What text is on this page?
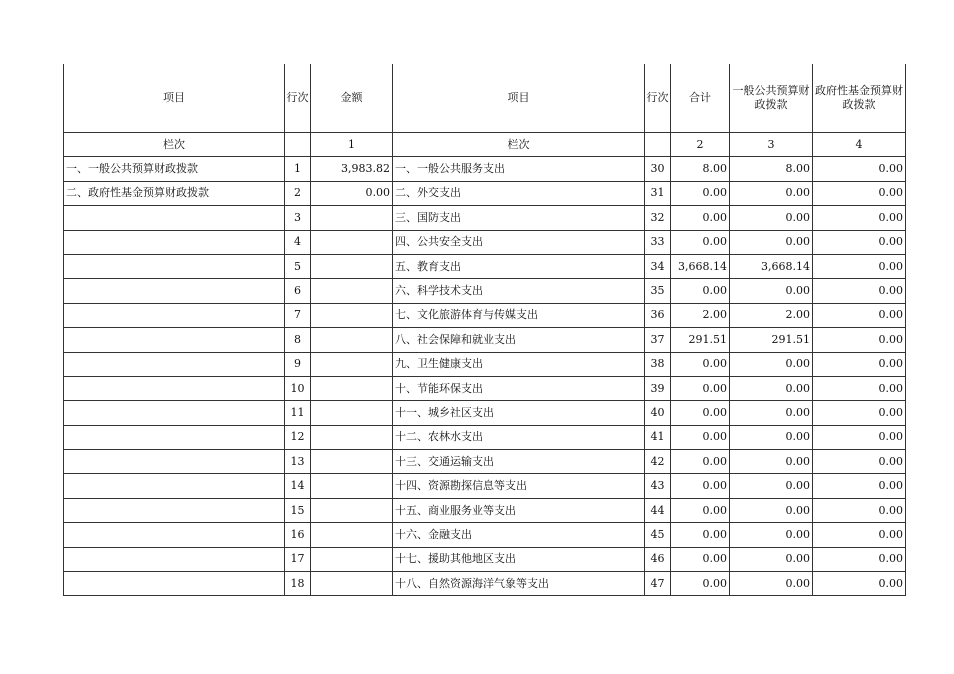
项目	行次	金额	项目	行次	合计	一般公共预算财政拨款	政府性基金预算财政拨款
栏次		1	栏次		2	3	4
一、一般公共预算财政拨款	1	3,983.82	一、一般公共服务支出	30	8.00	8.00	0.00
二、政府性基金预算财政拨款	2	0.00	二、外交支出	31	0.00	0.00	0.00
	3		三、国防支出	32	0.00	0.00	0.00
	4		四、公共安全支出	33	0.00	0.00	0.00
	5		五、教育支出	34	3,668.14	3,668.14	0.00
	6		六、科学技术支出	35	0.00	0.00	0.00
	7		七、文化旅游体育与传媒支出	36	2.00	2.00	0.00
	8		八、社会保障和就业支出	37	291.51	291.51	0.00
	9		九、卫生健康支出	38	0.00	0.00	0.00
	10		十、节能环保支出	39	0.00	0.00	0.00
	11		十一、城乡社区支出	40	0.00	0.00	0.00
	12		十二、农林水支出	41	0.00	0.00	0.00
	13		十三、交通运输支出	42	0.00	0.00	0.00
	14		十四、资源勘探信息等支出	43	0.00	0.00	0.00
	15		十五、商业服务业等支出	44	0.00	0.00	0.00
	16		十六、金融支出	45	0.00	0.00	0.00
	17		十七、援助其他地区支出	46	0.00	0.00	0.00
	18		十八、自然资源海洋气象等支出	47	0.00	0.00	0.00
